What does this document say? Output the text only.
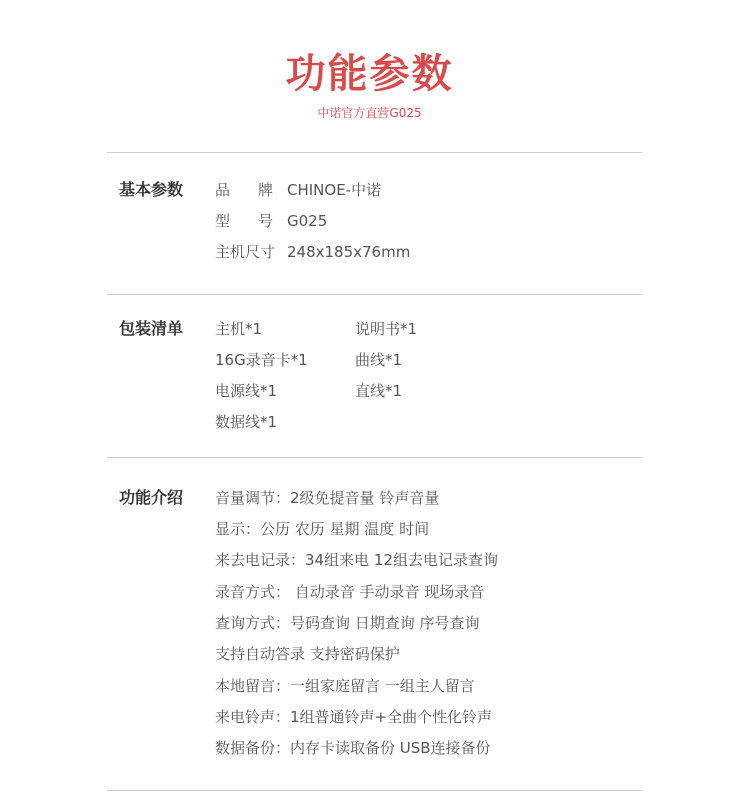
功能参数
中诺官方直营G025
基本参数 品	牌 CHINOE-中诺
型 号 G025
主机尺寸 248x185x76mm
包装清单 主机*1	说明书*1
16G录音卡*1	曲线*1
电源线*1	直线*1
数据线*1
功能介绍 音量调节：2级免提音量 铃声音量
显示：公历 农历 星期 温度 时间
来去电记录：34组来电 12组去电记录查询
录音方式： 自动录音 手动录音 现场录音
查询方式：号码查询 日期查询 序号查询
支持自动答录 支持密码保护
本地留言：一组家庭留言 一组主人留言
来电铃声：1组普通铃声+全曲个性化铃声
数据备份：内存卡读取备份 USB连接备份
